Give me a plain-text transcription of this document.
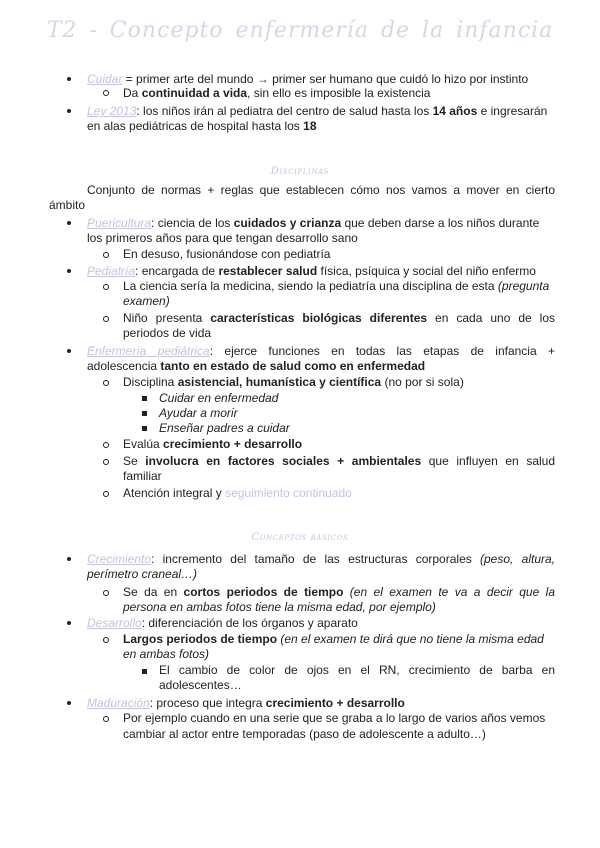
T2 - Concepto enfermería de la infancia
Cuidar = primer arte del mundo → primer ser humano que cuidó lo hizo por instinto
Da continuidad a vida, sin ello es imposible la existencia
Ley 2013: los niños irán al pediatra del centro de salud hasta los 14 años e ingresarán
en alas pediátricas de hospital hasta los 18
Disciplinas
Conjunto de normas + reglas que establecen cómo nos vamos a mover en cierto
ámbito
Puericultura: ciencia de los cuidados y crianza que deben darse a los niños durante
los primeros años para que tengan desarrollo sano
En desuso, fusionándose con pediatría
Pediatría: encargada de restablecer salud física, psíquica y social del niño enfermo
La ciencia sería la medicina, siendo la pediatría una disciplina de esta (pregunta
examen)
Niño presenta características biológicas diferentes en cada uno de los
periodos de vida
Enfermería pediátrica: ejerce funciones en todas las etapas de infancia +
adolescencia tanto en estado de salud como en enfermedad
Disciplina asistencial, humanística y científica (no por si sola)
Cuidar en enfermedad
Ayudar a morir
Enseñar padres a cuidar
Evalúa crecimiento + desarrollo
Se involucra en factores sociales + ambientales que influyen en salud
familiar
Atención integral y seguimiento continuado
Conceptos básicos
Crecimiento: incremento del tamaño de las estructuras corporales (peso, altura,
perímetro craneal…)
Se da en cortos periodos de tiempo (en el examen te va a decir que la
persona en ambas fotos tiene la misma edad, por ejemplo)
Desarrollo: diferenciación de los órganos y aparato
Largos periodos de tiempo (en el examen te dirá que no tiene la misma edad
en ambas fotos)
El cambio de color de ojos en el RN, crecimiento de barba en
adolescentes…
Maduración: proceso que integra crecimiento + desarrollo
Por ejemplo cuando en una serie que se graba a lo largo de varios años vemos
cambiar al actor entre temporadas (paso de adolescente a adulto…)
